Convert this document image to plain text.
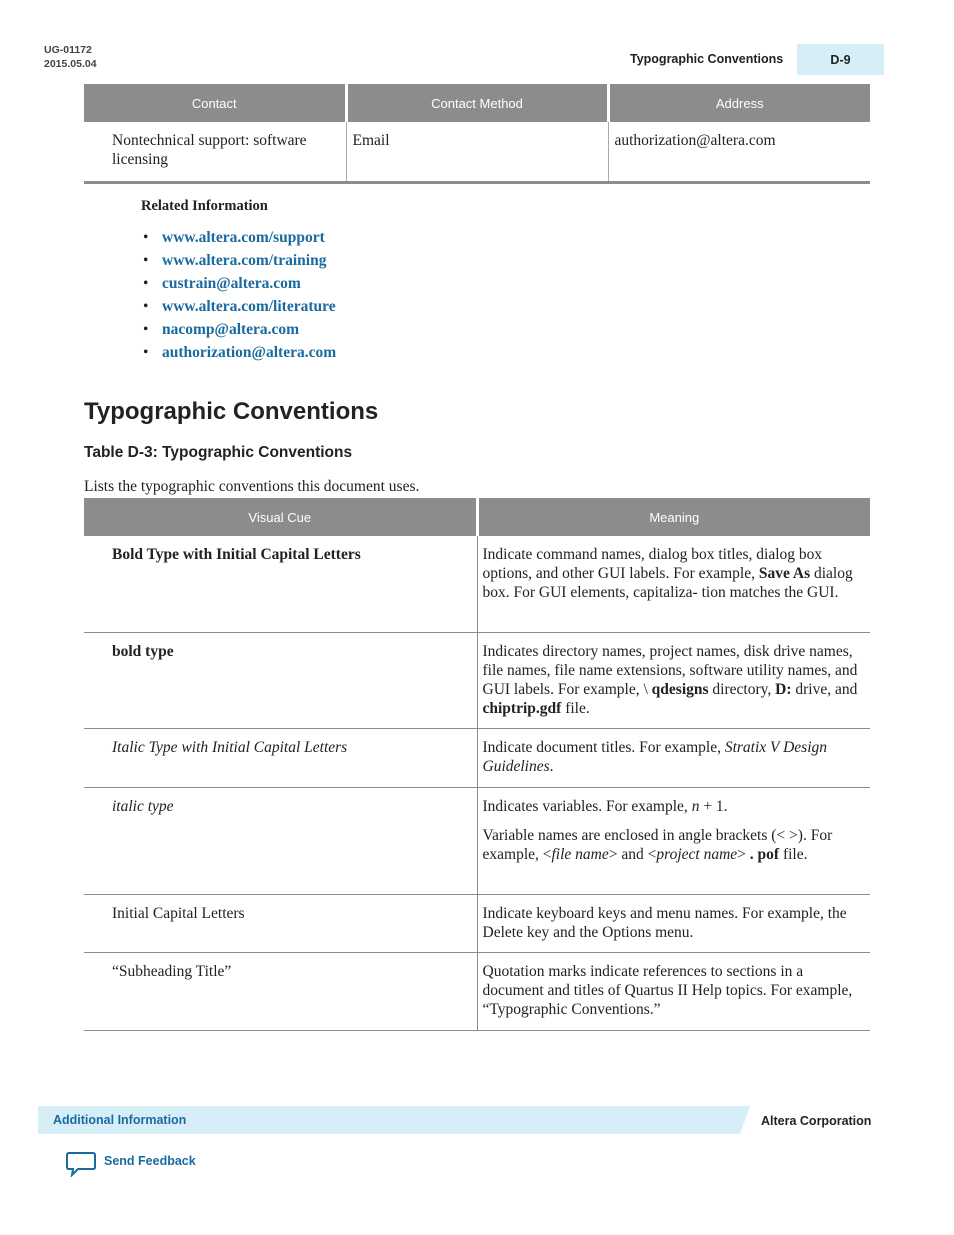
UG-01172
2015.05.04	Typographic Conventions	D-9
Contact	Contact Method	Address
Nontechnical support: software licensing	Email	authorization@altera.com
Related Information
• www.altera.com/support
• www.altera.com/training
• custrain@altera.com
• www.altera.com/literature
• nacomp@altera.com
• authorization@altera.com
Typographic Conventions
Table D-3: Typographic Conventions
Lists the typographic conventions this document uses.
Visual Cue	Meaning
Bold Type with Initial Capital Letters	Indicate command names, dialog box titles, dialog box options, and other GUI labels. For example, Save As dialog box. For GUI elements, capitaliza- tion matches the GUI.

bold type	Indicates directory names, project names, disk drive names, file names, file name extensions, software utility names, and GUI labels. For example, \ qdesigns directory, D: drive, and chiptrip.gdf file.

Italic Type with Initial Capital Letters	Indicate document titles. For example, Stratix V Design Guidelines.

italic type	Indicates variables. For example, n + 1.

Variable names are enclosed in angle brackets (< >). For example, <file name> and <project name> . pof file.

Initial Capital Letters	Indicate keyboard keys and menu names. For example, the Delete key and the Options menu.
“Subheading Title”	Quotation marks indicate references to sections in a document and titles of Quartus II Help topics. For example, “Typographic Conventions.”
Additional Information	Altera Corporation
Send Feedback
